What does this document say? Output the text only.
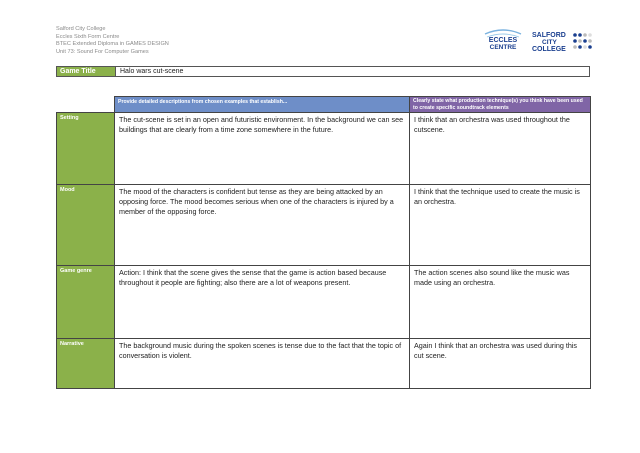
Salford City College
Eccles Sixth Form Centre
BTEC Extended Diploma in GAMES DESIGN
Unit 73: Sound For Computer Games
ECCLES
CENTRE
SALFORD
CITY
COLLEGE
Game Title	Halo wars cut-scene
	Provide detailed descriptions from chosen examples that establish...	Clearly state what production technique(s) you think have been used to create specific soundtrack elements
Setting	The cut-scene is set in an open and futuristic environment. In the background we can see buildings that are clearly from a time zone somewhere in the future.	I think that an orchestra was used throughout the cutscene.
Mood	The mood of the characters is confident but tense as they are being attacked by an opposing force. The mood becomes serious when one of the characters is injured by a member of the opposing force.	I think that the technique used to create the music is an orchestra.
Game genre	Action: I think that the scene gives the sense that the game is action based because throughout it people are fighting; also there are a lot of weapons present.	The action scenes also sound like the music was made using an orchestra.
Narrative	The background music during the spoken scenes is tense due to the fact that the topic of conversation is violent.	Again I think that an orchestra was used during this cut scene.
